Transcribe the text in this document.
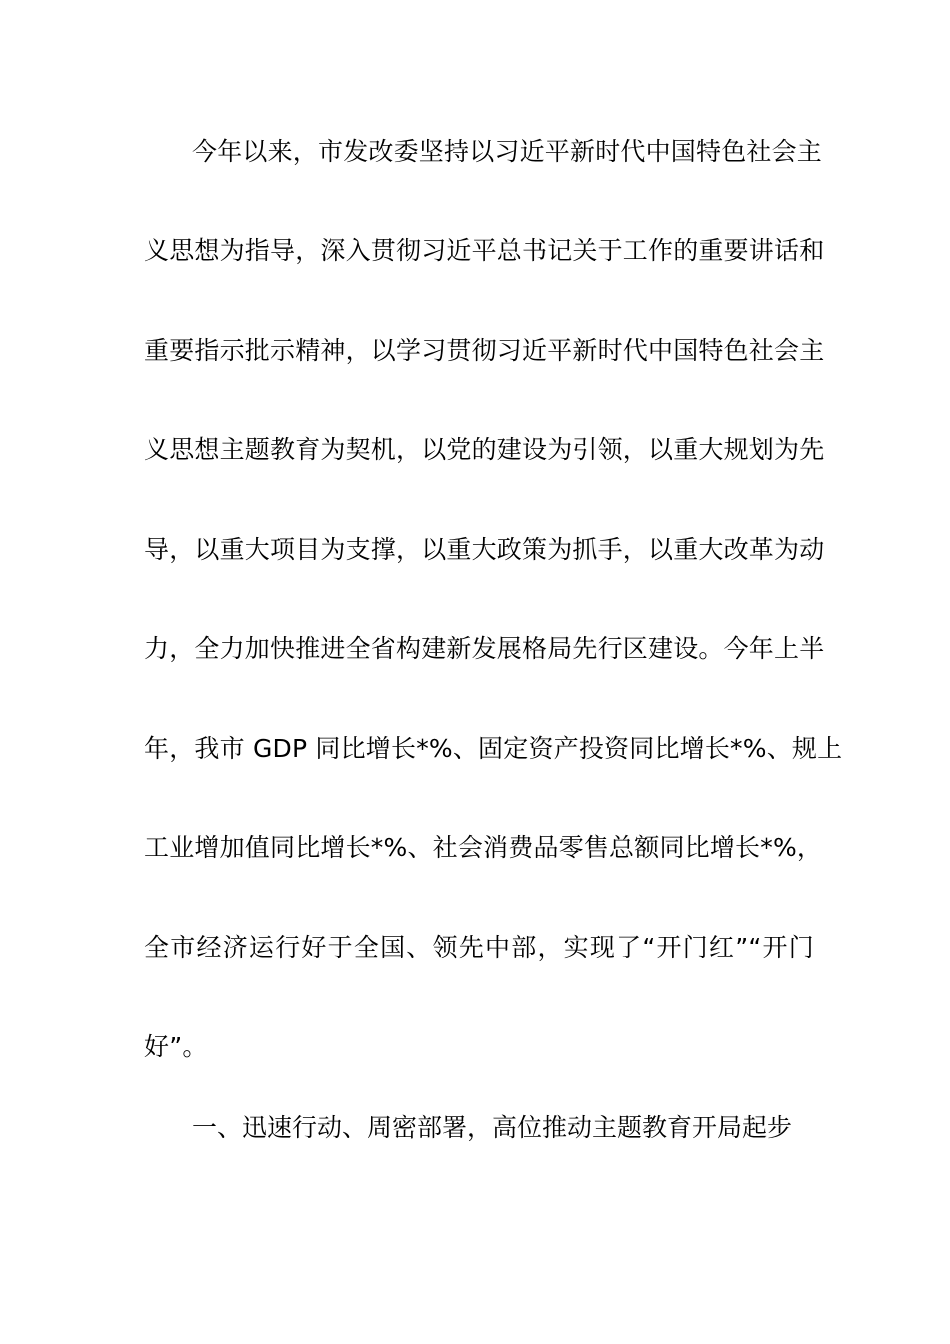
今年以来，市发改委坚持以习近平新时代中国特色社会主
义思想为指导，深入贯彻习近平总书记关于工作的重要讲话和
重要指示批示精神，以学习贯彻习近平新时代中国特色社会主
义思想主题教育为契机，以党的建设为引领，以重大规划为先
导，以重大项目为支撑，以重大政策为抓手，以重大改革为动
力，全力加快推进全省构建新发展格局先行区建设。今年上半
年，我市 GDP 同比增长*%、固定资产投资同比增长*%、规上
工业增加值同比增长*%、社会消费品零售总额同比增长*%，
全市经济运行好于全国、领先中部，实现了“开门红”“开门
好”。
一、迅速行动、周密部署，高位推动主题教育开局起步
